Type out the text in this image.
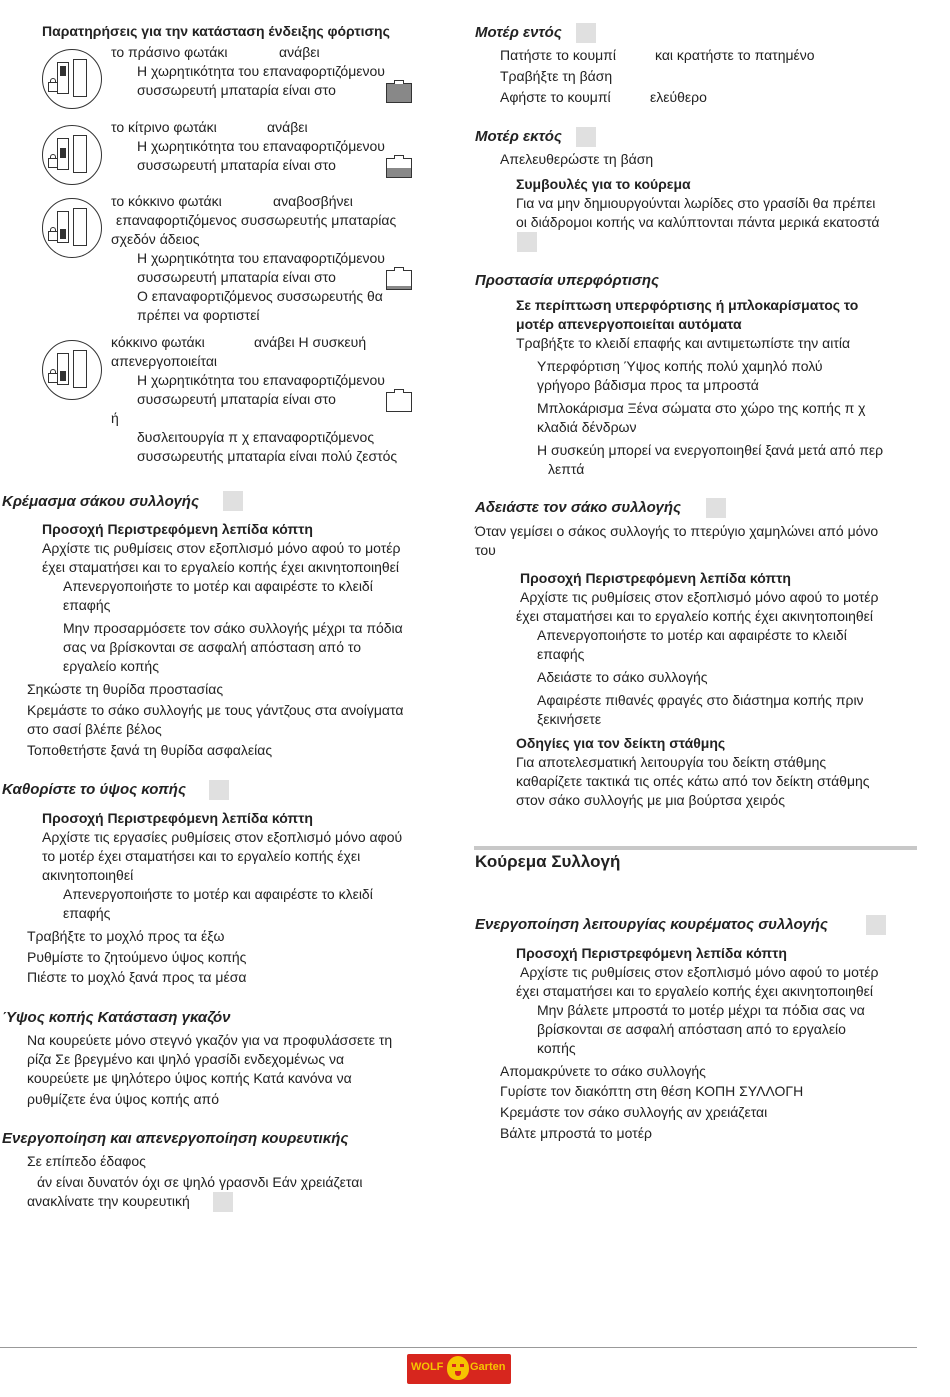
Παρατηρήσεις για την κατάσταση ένδειξης φόρτισης
το πράσινο φωτάκι	ανάβει
Η χωρητικότητα του επαναφορτιζόμενου
συσσωρευτή μπαταρία είναι στο
το κίτρινο φωτάκι	ανάβει
Η χωρητικότητα του επαναφορτιζόμενου
συσσωρευτή μπαταρία είναι στο
το κόκκινο φωτάκι	αναβοσβήνει
επαναφορτιζόμενος συσσωρευτής μπαταρίας
σχεδόν άδειος
Η χωρητικότητα του επαναφορτιζόμενου
συσσωρευτή μπαταρία είναι στο
Ο επαναφορτιζόμενος συσσωρευτής θα
πρέπει να φορτιστεί
κόκκινο φωτάκι	ανάβει Η συσκευή
απενεργοποιείται
Η χωρητικότητα του επαναφορτιζόμενου
συσσωρευτή μπαταρία είναι στο
ή
δυσλειτουργία π χ επαναφορτιζόμενος
συσσωρευτής μπαταρία είναι πολύ ζεστός
Κρέμασμα σάκου συλλογής
Προσοχή Περιστρεφόμενη λεπίδα κόπτη
Αρχίστε τις ρυθμίσεις στον εξοπλισμό μόνο αφού το μοτέρ
έχει σταματήσει και το εργαλείο κοπής έχει ακινητοποιηθεί
Απενεργοποιήστε το μοτέρ και αφαιρέστε το κλειδί
επαφής
Μην προσαρμόσετε τον σάκο συλλογής μέχρι τα πόδια
σας να βρίσκονται σε ασφαλή απόσταση από το
εργαλείο κοπής
Σηκώστε τη θυρίδα προστασίας
Κρεμάστε το σάκο συλλογής με τους γάντζους στα ανοίγματα
στο σασί βλέπε βέλος
Τοποθετήστε ξανά τη θυρίδα ασφαλείας
Καθορίστε το ύψος κοπής
Προσοχή Περιστρεφόμενη λεπίδα κόπτη
Αρχίστε τις εργασίες ρυθμίσεις στον εξοπλισμό μόνο αφού
το μοτέρ έχει σταματήσει και το εργαλείο κοπής έχει
ακινητοποιηθεί
Απενεργοποιήστε το μοτέρ και αφαιρέστε το κλειδί
επαφής
Τραβήξτε το μοχλό προς τα έξω
Ρυθμίστε το ζητούμενο ύψος κοπής
Πιέστε το μοχλό ξανά προς τα μέσα
Ύψος κοπής Κατάσταση γκαζόν
Να κουρεύετε μόνο στεγνό γκαζόν για να προφυλάσσετε τη
ρίζα Σε βρεγμένο και ψηλό γρασίδι ενδεχομένως να
κουρεύετε με ψηλότερο ύψος κοπής Κατά κανόνα να
ρυθμίζετε ένα ύψος κοπής από
Ενεργοποίηση και απενεργοποίηση κουρευτικής
Σε επίπεδο έδαφος
άν είναι δυνατόν όχι σε ψηλό γρασνδι Εάν χρειάζεται
ανακλίνατε την κουρευτική
Μοτέρ εντός
Πατήστε το κουμπί	και κρατήστε το πατημένο
Τραβήξτε τη βάση
Αφήστε το κουμπί	ελεύθερο
Μοτέρ εκτός
Απελευθερώστε τη βάση
Συμβουλές για το κούρεμα
Για να μην δημιουργούνται λωρίδες στο γρασίδι θα πρέπει
οι διάδρομοι κοπής να καλύπτονται πάντα μερικά εκατοστά
Προστασία υπερφόρτισης
Σε περίπτωση υπερφόρτισης ή μπλοκαρίσματος το
μοτέρ απενεργοποιείται αυτόματα
Τραβήξτε το κλειδί επαφής και αντιμετωπίστε την αιτία
Υπερφόρτιση Ύψος κοπής πολύ χαμηλό πολύ
γρήγορο βάδισμα προς τα μπροστά
Μπλοκάρισμα Ξένα σώματα στο χώρο της κοπής π χ
κλαδιά δένδρων
Η συσκεύη μπορεί να ενεργοποιηθεί ξανά μετά από περ
λεπτά
Αδειάστε τον σάκο συλλογής
Όταν γεμίσει ο σάκος συλλογής το πτερύγιο χαμηλώνει από μόνο
του
Προσοχή Περιστρεφόμενη λεπίδα κόπτη
Αρχίστε τις ρυθμίσεις στον εξοπλισμό μόνο αφού το μοτέρ
έχει σταματήσει και το εργαλείο κοπής έχει ακινητοποιηθεί
Απενεργοποιήστε το μοτέρ και αφαιρέστε το κλειδί
επαφής
Αδειάστε το σάκο συλλογής
Αφαιρέστε πιθανές φραγές στο διάστημα κοπής πριν
ξεκινήσετε
Οδηγίες για τον δείκτη στάθμης
Για αποτελεσματική λειτουργία του δείκτη στάθμης
καθαρίζετε τακτικά τις οπές κάτω από τον δείκτη στάθμης
στον σάκο συλλογής με μια βούρτσα χειρός
Κούρεμα Συλλογή
Ενεργοποίηση λειτουργίας κουρέματος συλλογής
Προσοχή Περιστρεφόμενη λεπίδα κόπτη
Αρχίστε τις ρυθμίσεις στον εξοπλισμό μόνο αφού το μοτέρ
έχει σταματήσει και το εργαλείο κοπής έχει ακινητοποιηθεί
Μην βάλετε μπροστά το μοτέρ μέχρι τα πόδια σας να
βρίσκονται σε ασφαλή απόσταση από το εργαλείο
κοπής
Απομακρύνετε το σάκο συλλογής
Γυρίστε τον διακόπτη στη θέση ΚΟΠΗ ΣΥΛΛΟΓΗ
Κρεμάστε τον σάκο συλλογής αν χρειάζεται
Βάλτε μπροστά το μοτέρ
WOLF Garten
